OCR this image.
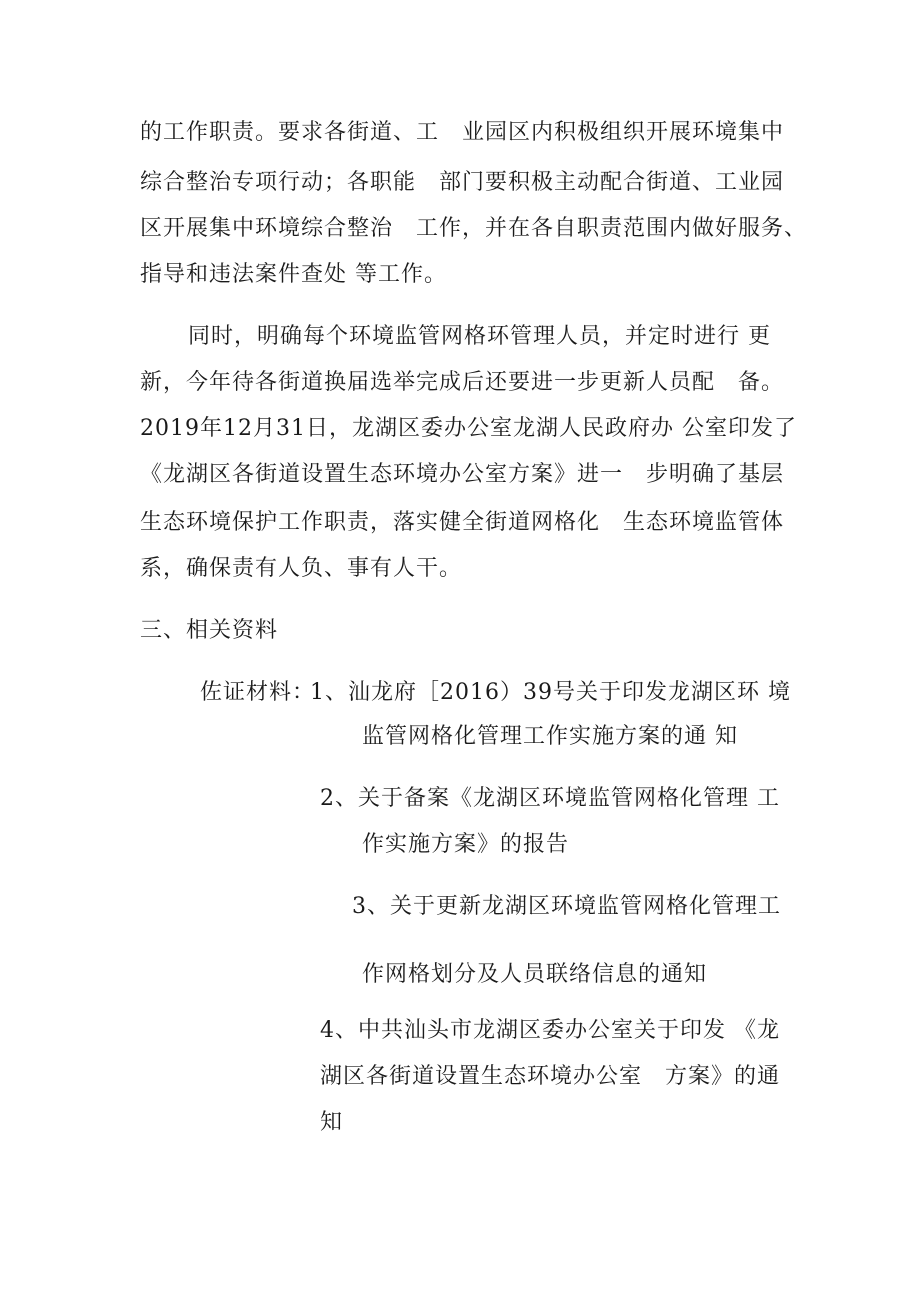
的工作职责。要求各街道、工　业园区内积极组织开展环境集中
综合整治专项行动；各职能　部门要积极主动配合街道、工业园
区开展集中环境综合整治　工作，并在各自职责范围内做好服务、
指导和违法案件查处 等工作。
同时，明确每个环境监管网格环管理人员，并定时进行 更
新，今年待各街道换届选举完成后还要进一步更新人员配　备。
2019年12月31日，龙湖区委办公室龙湖人民政府办 公室印发了
《龙湖区各街道设置生态环境办公室方案》进一　步明确了基层
生态环境保护工作职责，落实健全街道网格化　生态环境监管体
系，确保责有人负、事有人干。
三、相关资料
佐证材料：
1、汕龙府［2016）39号关于印发龙湖区环 境
监管网格化管理工作实施方案的通 知
2、关于备案《龙湖区环境监管网格化管理 工
作实施方案》的报告
3、关于更新龙湖区环境监管网格化管理工
作网格划分及人员联络信息的通知
4、中共汕头市龙湖区委办公室关于印发 《龙
湖区各街道设置生态环境办公室　方案》的通
知
